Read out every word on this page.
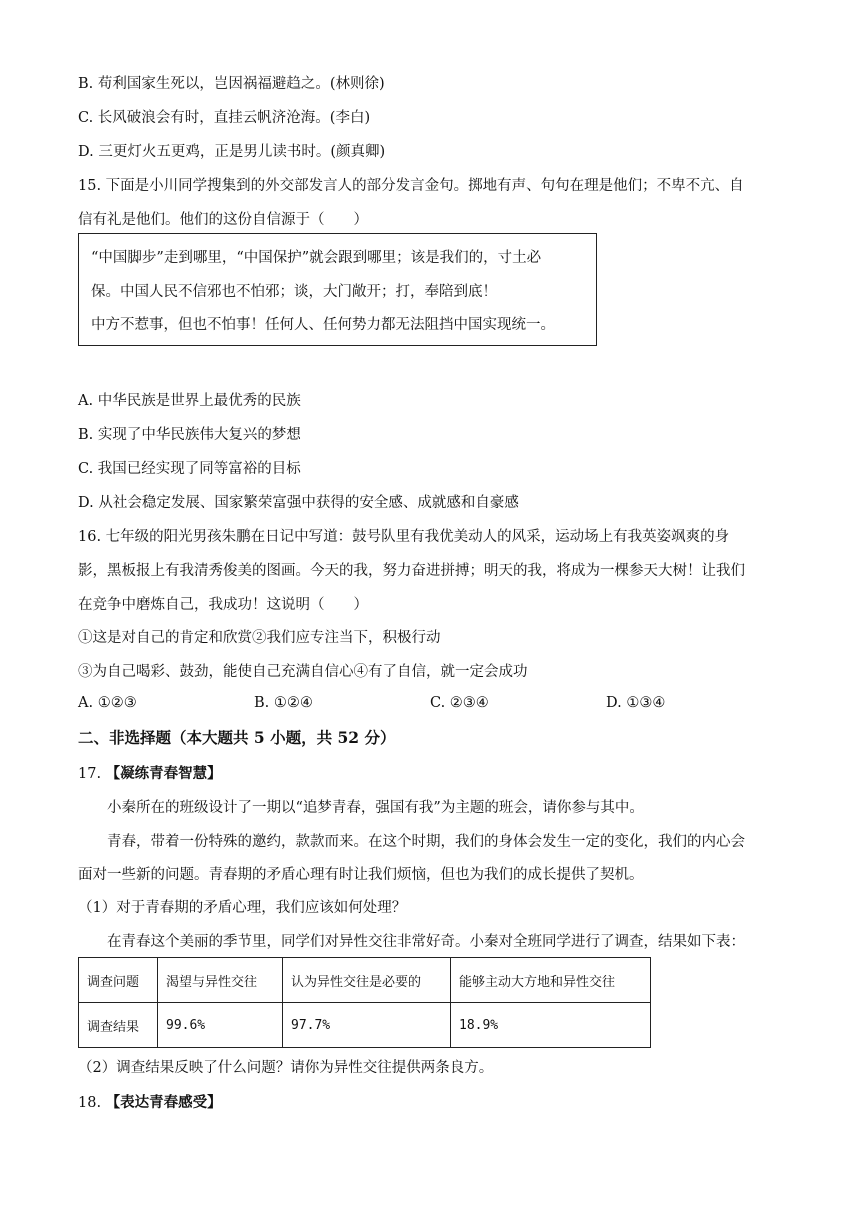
B. 苟利国家生死以，岂因祸福避趋之。(林则徐)
C. 长风破浪会有时，直挂云帆济沧海。(李白)
D. 三更灯火五更鸡，正是男儿读书时。(颜真卿)
15. 下面是小川同学搜集到的外交部发言人的部分发言金句。掷地有声、句句在理是他们；不卑不亢、自
信有礼是他们。他们的这份自信源于（　　）
“中国脚步”走到哪里，“中国保护”就会跟到哪里；该是我们的，寸土必
保。中国人民不信邪也不怕邪；谈，大门敞开；打，奉陪到底！
中方不惹事，但也不怕事！任何人、任何势力都无法阻挡中国实现统一。
A. 中华民族是世界上最优秀的民族
B. 实现了中华民族伟大复兴的梦想
C. 我国已经实现了同等富裕的目标
D. 从社会稳定发展、国家繁荣富强中获得的安全感、成就感和自豪感
16. 七年级的阳光男孩朱鹏在日记中写道：鼓号队里有我优美动人的风采，运动场上有我英姿飒爽的身
影，黑板报上有我清秀俊美的图画。今天的我，努力奋进拼搏；明天的我，将成为一棵参天大树！让我们
在竞争中磨炼自己，我成功！这说明（　　）
①这是对自己的肯定和欣赏②我们应专注当下，积极行动
③为自己喝彩、鼓劲，能使自己充满自信心④有了自信，就一定会成功
A. ①②③	B. ①②④	C. ②③④	D. ①③④
二、非选择题（本大题共 5 小题，共 52 分）
17. 【凝练青春智慧】
小秦所在的班级设计了一期以“追梦青春，强国有我”为主题的班会，请你参与其中。
青春，带着一份特殊的邀约，款款而来。在这个时期，我们的身体会发生一定的变化，我们的内心会
面对一些新的问题。青春期的矛盾心理有时让我们烦恼，但也为我们的成长提供了契机。
（1）对于青春期的矛盾心理，我们应该如何处理？
在青春这个美丽的季节里，同学们对异性交往非常好奇。小秦对全班同学进行了调查，结果如下表：
调查问题	渴望与异性交往	认为异性交往是必要的	能够主动大方地和异性交往
调查结果	99.6%	97.7%	18.9%
（2）调查结果反映了什么问题？请你为异性交往提供两条良方。
18. 【表达青春感受】
